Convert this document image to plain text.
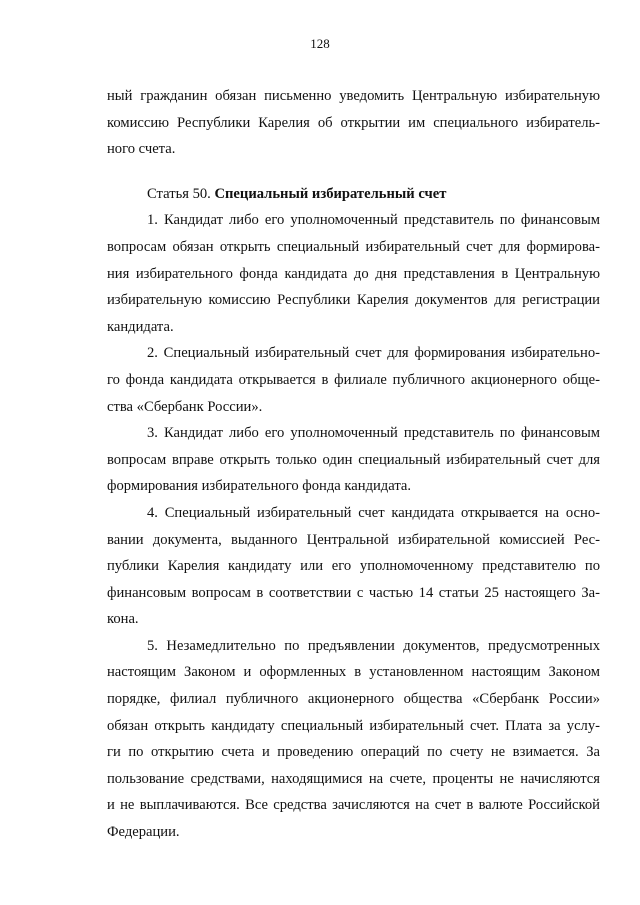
128
ный гражданин обязан письменно уведомить Центральную избирательную
комиссию Республики Карелия об открытии им специального избиратель-
ного счета.
Статья 50. Специальный избирательный счет
1. Кандидат либо его уполномоченный представитель по финансовым
вопросам обязан открыть специальный избирательный счет для формирова-
ния избирательного фонда кандидата до дня представления в Центральную
избирательную комиссию Республики Карелия документов для регистрации
кандидата.
2. Специальный избирательный счет для формирования избирательно-
го фонда кандидата открывается в филиале публичного акционерного обще-
ства «Сбербанк России».
3. Кандидат либо его уполномоченный представитель по финансовым
вопросам вправе открыть только один специальный избирательный счет для
формирования избирательного фонда кандидата.
4. Специальный избирательный счет кандидата открывается на осно-
вании документа, выданного Центральной избирательной комиссией Рес-
публики Карелия кандидату или его уполномоченному представителю по
финансовым вопросам в соответствии с частью 14 статьи 25 настоящего За-
кона.
5. Незамедлительно по предъявлении документов, предусмотренных
настоящим Законом и оформленных в установленном настоящим Законом
порядке, филиал публичного акционерного общества «Сбербанк России»
обязан открыть кандидату специальный избирательный счет. Плата за услу-
ги по открытию счета и проведению операций по счету не взимается. За
пользование средствами, находящимися на счете, проценты не начисляются
и не выплачиваются. Все средства зачисляются на счет в валюте Российской
Федерации.
